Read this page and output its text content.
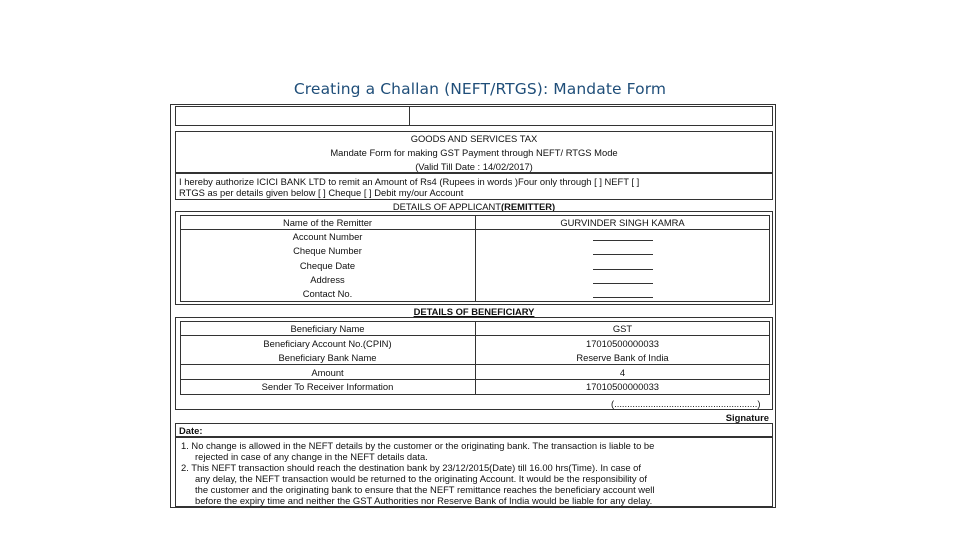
Creating a Challan (NEFT/RTGS): Mandate Form
GOODS AND SERVICES TAX
Mandate Form for making GST Payment through NEFT/ RTGS Mode
(Valid Till Date : 14/02/2017)
I hereby authorize ICICI BANK LTD to remit an Amount of Rs4 (Rupees in words )Four only through [ ] NEFT [ ]
RTGS as per details given below [ ] Cheque [ ] Debit my/our Account
DETAILS OF APPLICANT(REMITTER)
Name of the Remitter	GURVINDER SINGH KAMRA
Account Number
Cheque Number
Cheque Date
Address
Contact No.
DETAILS OF BENEFICIARY
Beneficiary Name	GST
Beneficiary Account No.(CPIN)	17010500000033
Beneficiary Bank Name	Reserve Bank of India
Amount	4
Sender To Receiver Information	17010500000033
(.......................................................)
Signature
Date:
1. No change is allowed in the NEFT details by the customer or the originating bank. The transaction is liable to be
rejected in case of any change in the NEFT details data.
2. This NEFT transaction should reach the destination bank by 23/12/2015(Date) till 16.00 hrs(Time). In case of
any delay, the NEFT transaction would be returned to the originating Account. It would be the responsibility of
the customer and the originating bank to ensure that the NEFT remittance reaches the beneficiary account well
before the expiry time and neither the GST Authorities nor Reserve Bank of India would be liable for any delay.
